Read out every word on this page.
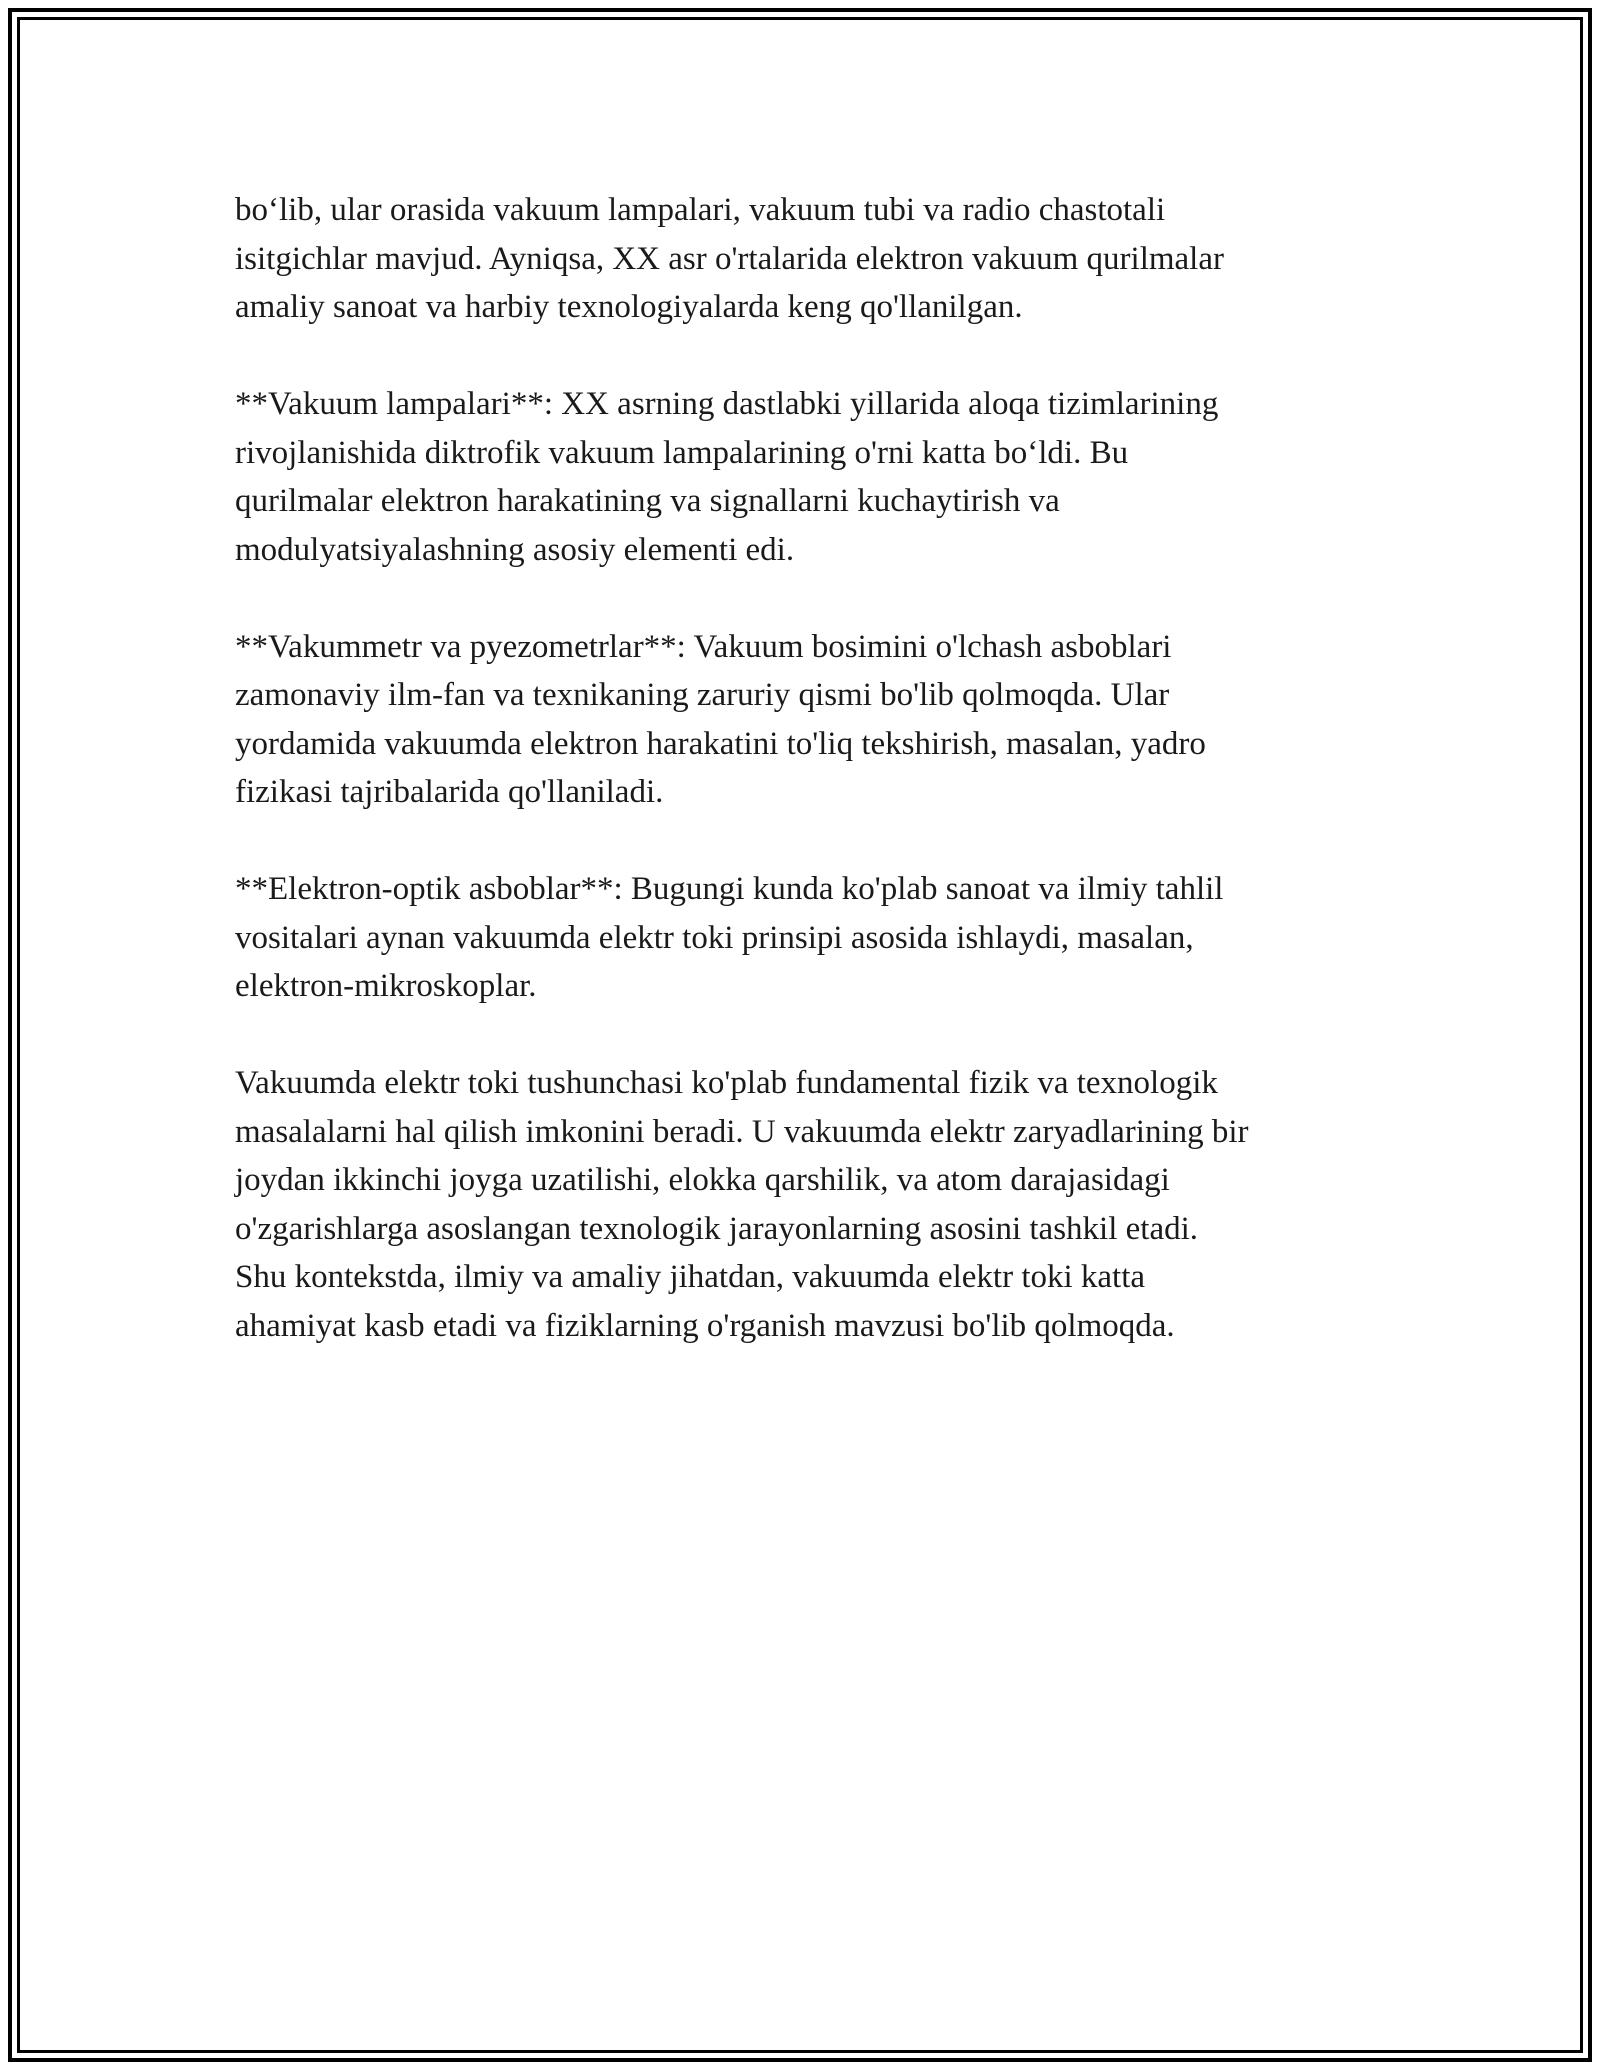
bo‘lib, ular orasida vakuum lampalari, vakuum tubi va radio chastotali
isitgichlar mavjud. Ayniqsa, XX asr o'rtalarida elektron vakuum qurilmalar
amaliy sanoat va harbiy texnologiyalarda keng qo'llanilgan.

**Vakuum lampalari**: XX asrning dastlabki yillarida aloqa tizimlarining
rivojlanishida diktrofik vakuum lampalarining o'rni katta bo‘ldi. Bu
qurilmalar elektron harakatining va signallarni kuchaytirish va
modulyatsiyalashning asosiy elementi edi.

**Vakummetr va pyezometrlar**: Vakuum bosimini o'lchash asboblari
zamonaviy ilm-fan va texnikaning zaruriy qismi bo'lib qolmoqda. Ular
yordamida vakuumda elektron harakatini to'liq tekshirish, masalan, yadro
fizikasi tajribalarida qo'llaniladi.

**Elektron-optik asboblar**: Bugungi kunda ko'plab sanoat va ilmiy tahlil
vositalari aynan vakuumda elektr toki prinsipi asosida ishlaydi, masalan,
elektron-mikroskoplar.

Vakuumda elektr toki tushunchasi ko'plab fundamental fizik va texnologik
masalalarni hal qilish imkonini beradi. U vakuumda elektr zaryadlarining bir
joydan ikkinchi joyga uzatilishi, elokka qarshilik, va atom darajasidagi
o'zgarishlarga asoslangan texnologik jarayonlarning asosini tashkil etadi.
Shu kontekstda, ilmiy va amaliy jihatdan, vakuumda elektr toki katta
ahamiyat kasb etadi va fiziklarning o'rganish mavzusi bo'lib qolmoqda.
